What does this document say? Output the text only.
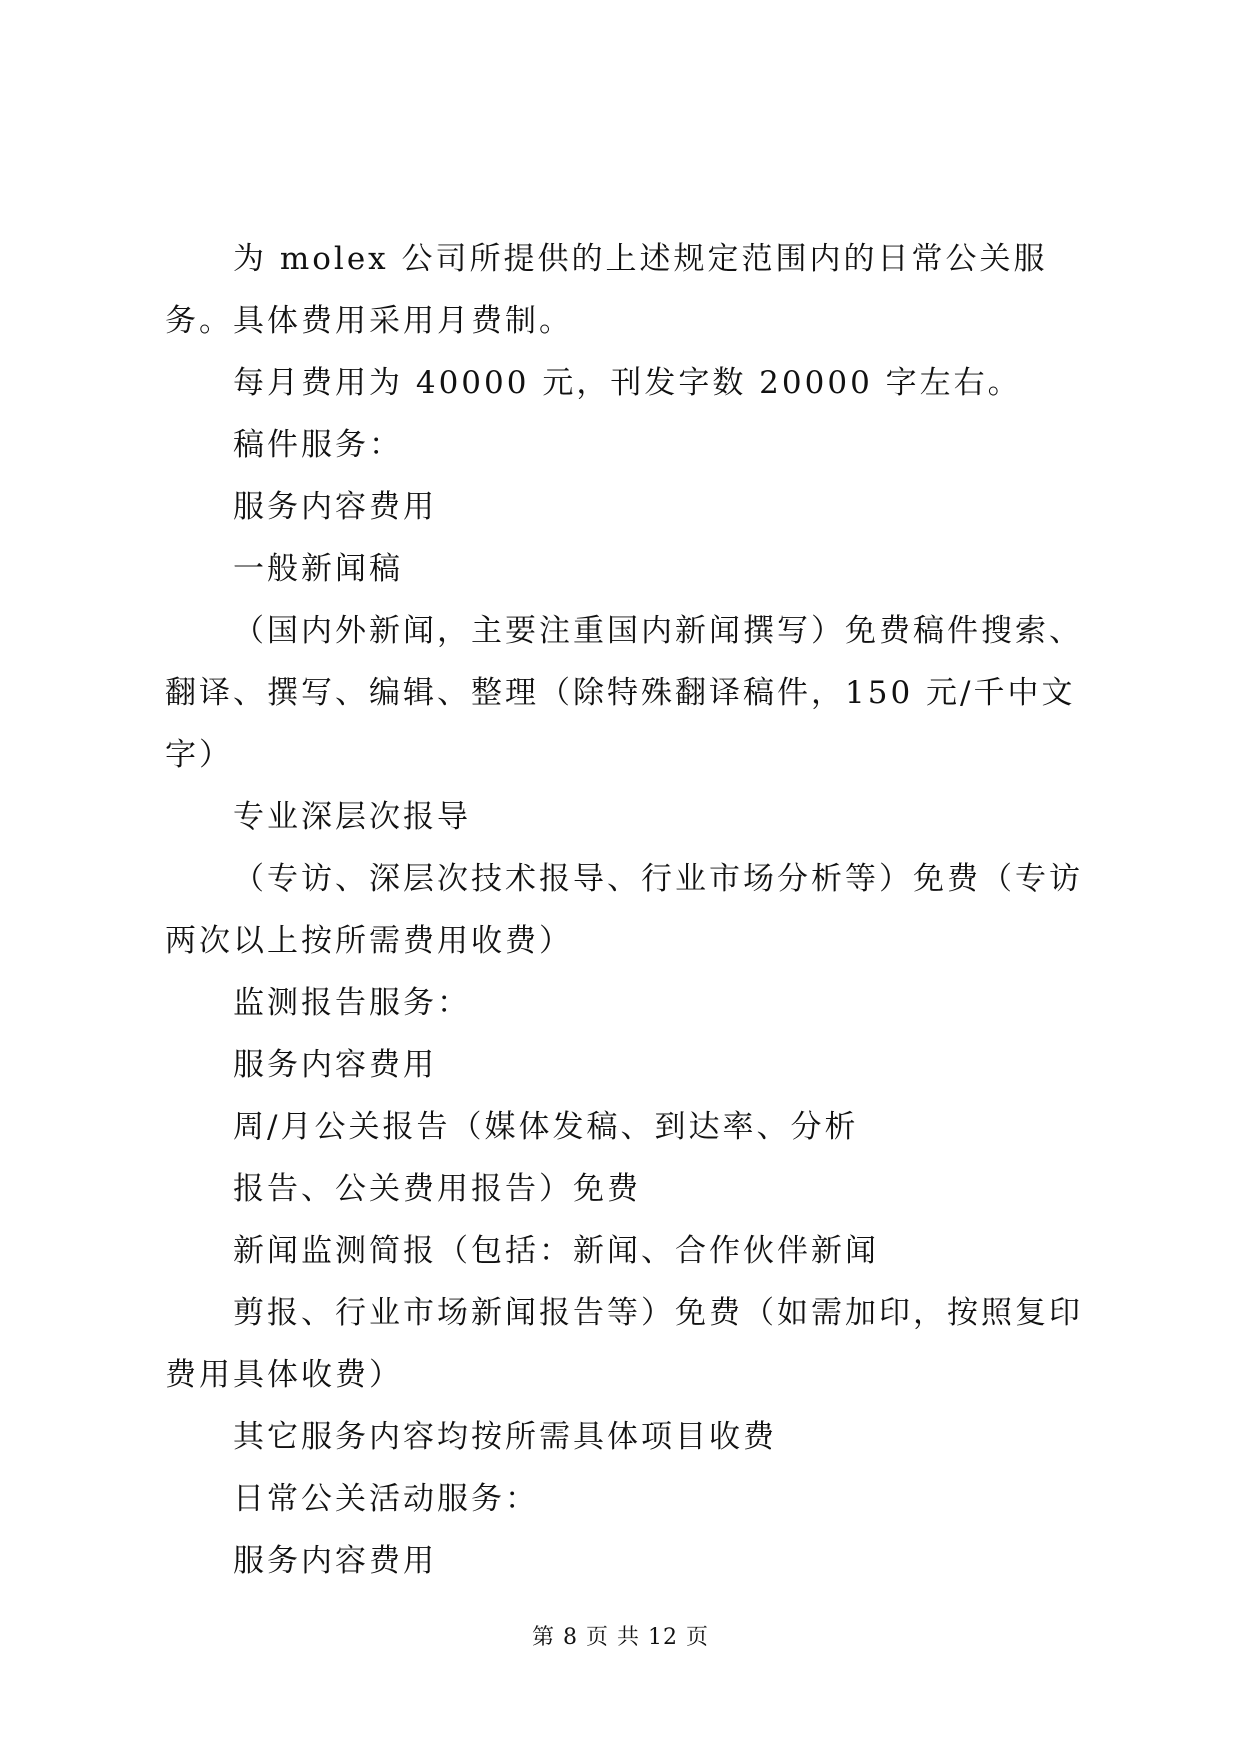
为 molex 公司所提供的上述规定范围内的日常公关服务。具体费用采用月费制。

每月费用为 40000 元，刊发字数 20000 字左右。

稿件服务：

服务内容费用

一般新闻稿

（国内外新闻，主要注重国内新闻撰写）免费稿件搜索、翻译、撰写、编辑、整理（除特殊翻译稿件，150 元/千中文字）

专业深层次报导

（专访、深层次技术报导、行业市场分析等）免费（专访两次以上按所需费用收费）

监测报告服务：

服务内容费用

周/月公关报告（媒体发稿、到达率、分析

报告、公关费用报告）免费

新闻监测简报（包括：新闻、合作伙伴新闻

剪报、行业市场新闻报告等）免费（如需加印，按照复印费用具体收费）

其它服务内容均按所需具体项目收费

日常公关活动服务：

服务内容费用

第 8 页 共 12 页
